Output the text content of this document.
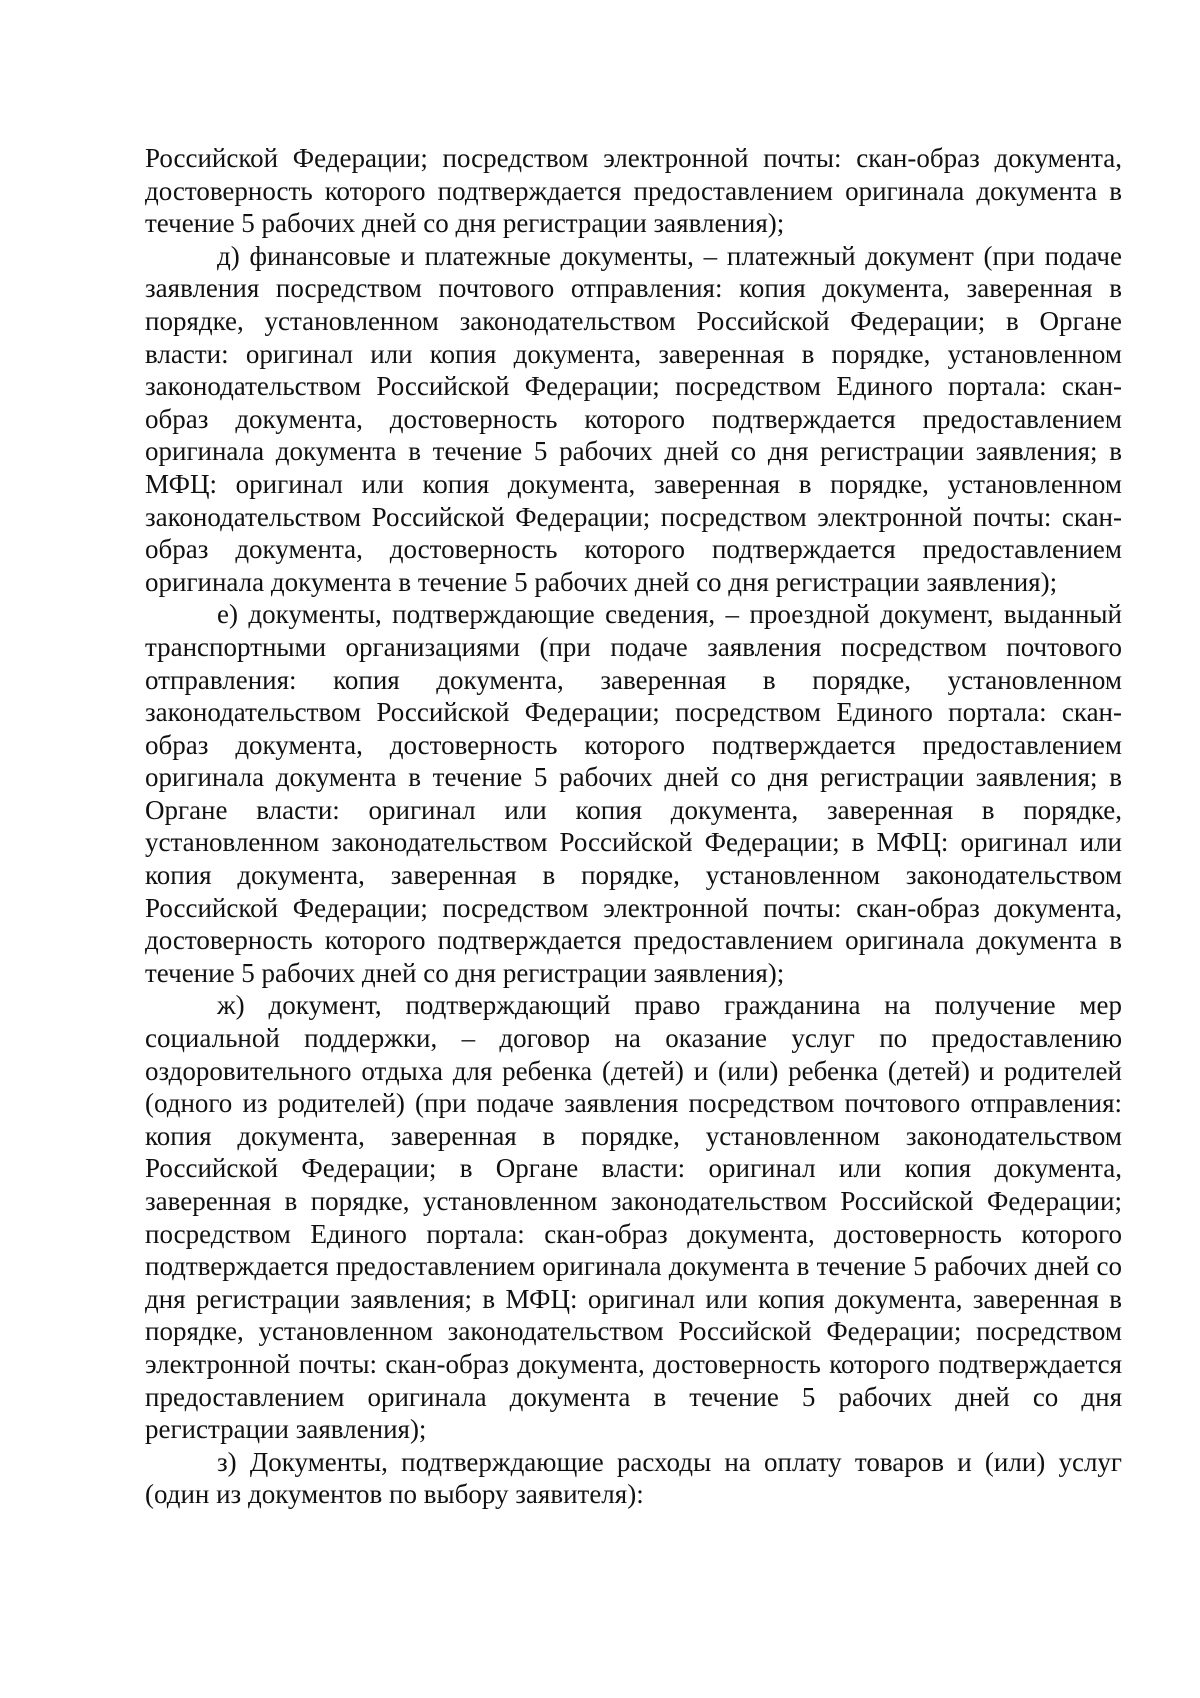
Российской Федерации; посредством электронной почты: скан-образ документа, достоверность которого подтверждается предоставлением оригинала документа в течение 5 рабочих дней со дня регистрации заявления);

д) финансовые и платежные документы, – платежный документ (при подаче заявления посредством почтового отправления: копия документа, заверенная в порядке, установленном законодательством Российской Федерации; в Органе власти: оригинал или копия документа, заверенная в порядке, установленном законодательством Российской Федерации; посредством Единого портала: скан-образ документа, достоверность которого подтверждается предоставлением оригинала документа в течение 5 рабочих дней со дня регистрации заявления; в МФЦ: оригинал или копия документа, заверенная в порядке, установленном законодательством Российской Федерации; посредством электронной почты: скан-образ документа, достоверность которого подтверждается предоставлением оригинала документа в течение 5 рабочих дней со дня регистрации заявления);

е) документы, подтверждающие сведения, – проездной документ, выданный транспортными организациями (при подаче заявления посредством почтового отправления: копия документа, заверенная в порядке, установленном законодательством Российской Федерации; посредством Единого портала: скан-образ документа, достоверность которого подтверждается предоставлением оригинала документа в течение 5 рабочих дней со дня регистрации заявления; в Органе власти: оригинал или копия документа, заверенная в порядке, установленном законодательством Российской Федерации; в МФЦ: оригинал или копия документа, заверенная в порядке, установленном законодательством Российской Федерации; посредством электронной почты: скан-образ документа, достоверность которого подтверждается предоставлением оригинала документа в течение 5 рабочих дней со дня регистрации заявления);

ж) документ, подтверждающий право гражданина на получение мер социальной поддержки, – договор на оказание услуг по предоставлению оздоровительного отдыха для ребенка (детей) и (или) ребенка (детей) и родителей (одного из родителей) (при подаче заявления посредством почтового отправления: копия документа, заверенная в порядке, установленном законодательством Российской Федерации; в Органе власти: оригинал или копия документа, заверенная в порядке, установленном законодательством Российской Федерации; посредством Единого портала: скан-образ документа, достоверность которого подтверждается предоставлением оригинала документа в течение 5 рабочих дней со дня регистрации заявления; в МФЦ: оригинал или копия документа, заверенная в порядке, установленном законодательством Российской Федерации; посредством электронной почты: скан-образ документа, достоверность которого подтверждается предоставлением оригинала документа в течение 5 рабочих дней со дня регистрации заявления);

з) Документы, подтверждающие расходы на оплату товаров и (или) услуг (один из документов по выбору заявителя):
